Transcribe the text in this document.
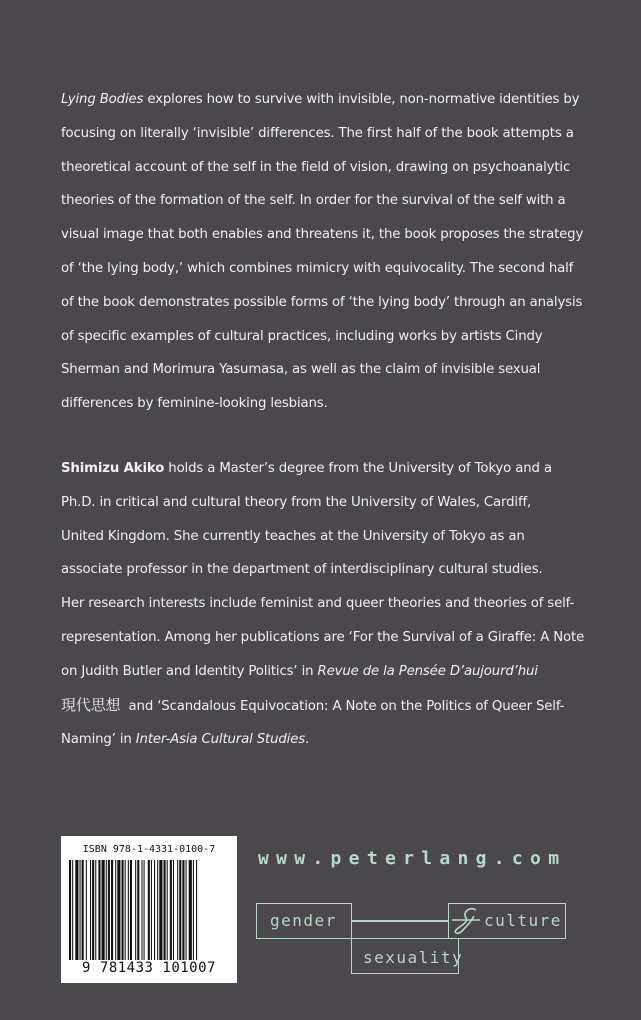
Lying Bodies explores how to survive with invisible, non-normative identities by
focusing on literally ‘invisible’ differences. The first half of the book attempts a
theoretical account of the self in the field of vision, drawing on psychoanalytic
theories of the formation of the self. In order for the survival of the self with a
visual image that both enables and threatens it, the book proposes the strategy
of ‘the lying body,’ which combines mimicry with equivocality. The second half
of the book demonstrates possible forms of ‘the lying body’ through an analysis
of specific examples of cultural practices, including works by artists Cindy
Sherman and Morimura Yasumasa, as well as the claim of invisible sexual
differences by feminine-looking lesbians.
Shimizu Akiko holds a Master’s degree from the University of Tokyo and a
Ph.D. in critical and cultural theory from the University of Wales, Cardiff,
United Kingdom. She currently teaches at the University of Tokyo as an
associate professor in the department of interdisciplinary cultural studies.
Her research interests include feminist and queer theories and theories of self-
representation. Among her publications are ‘For the Survival of a Giraffe: A Note
on Judith Butler and Identity Politics’ in Revue de la Pensée D’aujourd’hui
現代思想  and ‘Scandalous Equivocation: A Note on the Politics of Queer Self-
Naming’ in Inter-Asia Cultural Studies.
ISBN 978-1-4331-0100-7
9 781433 101007
www.peterlang.com
gender	culture
sexuality
